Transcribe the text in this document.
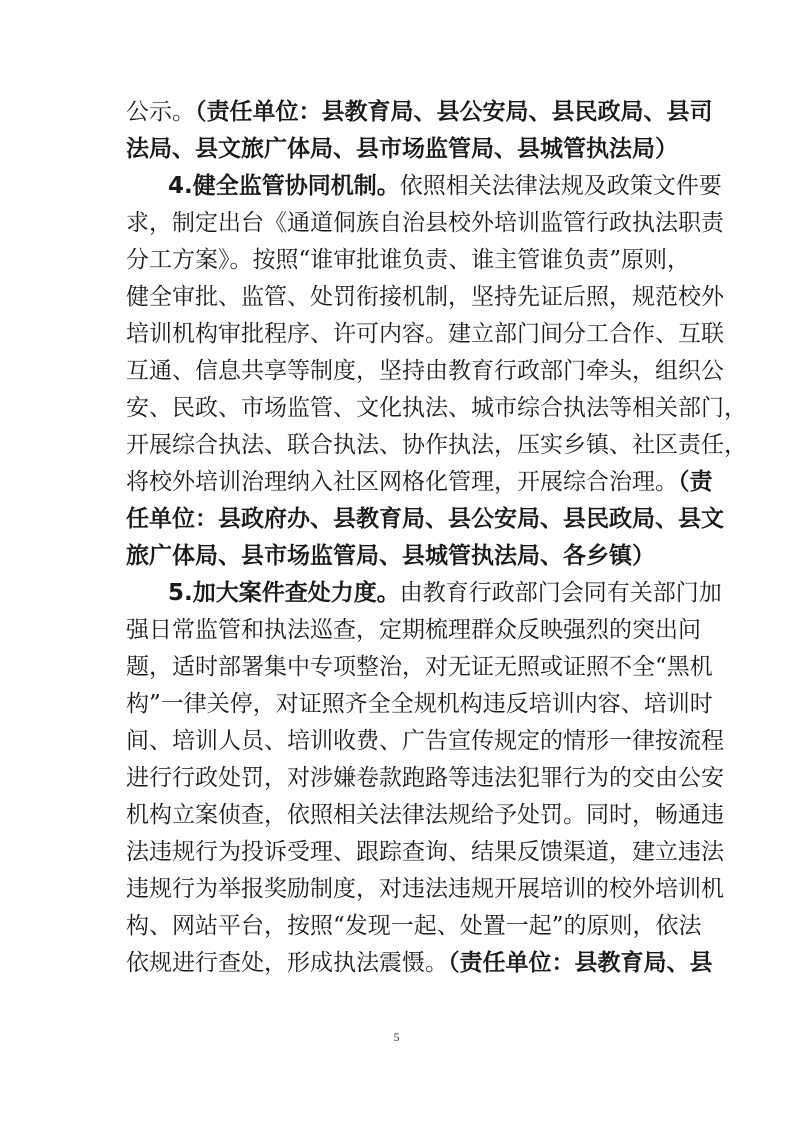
公示。（责任单位：县教育局、县公安局、县民政局、县司
法局、县文旅广体局、县市场监管局、县城管执法局）
4.健全监管协同机制。依照相关法律法规及政策文件要
求，制定出台《通道侗族自治县校外培训监管行政执法职责
分工方案》。按照“谁审批谁负责、谁主管谁负责”原则，
健全审批、监管、处罚衔接机制，坚持先证后照，规范校外
培训机构审批程序、许可内容。建立部门间分工合作、互联
互通、信息共享等制度，坚持由教育行政部门牵头，组织公
安、民政、市场监管、文化执法、城市综合执法等相关部门，
开展综合执法、联合执法、协作执法，压实乡镇、社区责任，
将校外培训治理纳入社区网格化管理，开展综合治理。（责
任单位：县政府办、县教育局、县公安局、县民政局、县文
旅广体局、县市场监管局、县城管执法局、各乡镇）
5.加大案件查处力度。由教育行政部门会同有关部门加
强日常监管和执法巡查，定期梳理群众反映强烈的突出问
题，适时部署集中专项整治，对无证无照或证照不全“黑机
构”一律关停，对证照齐全全规机构违反培训内容、培训时
间、培训人员、培训收费、广告宣传规定的情形一律按流程
进行行政处罚，对涉嫌卷款跑路等违法犯罪行为的交由公安
机构立案侦查，依照相关法律法规给予处罚。同时，畅通违
法违规行为投诉受理、跟踪查询、结果反馈渠道，建立违法
违规行为举报奖励制度，对违法违规开展培训的校外培训机
构、网站平台，按照“发现一起、处置一起”的原则，依法
依规进行查处，形成执法震慑。（责任单位：县教育局、县
5
